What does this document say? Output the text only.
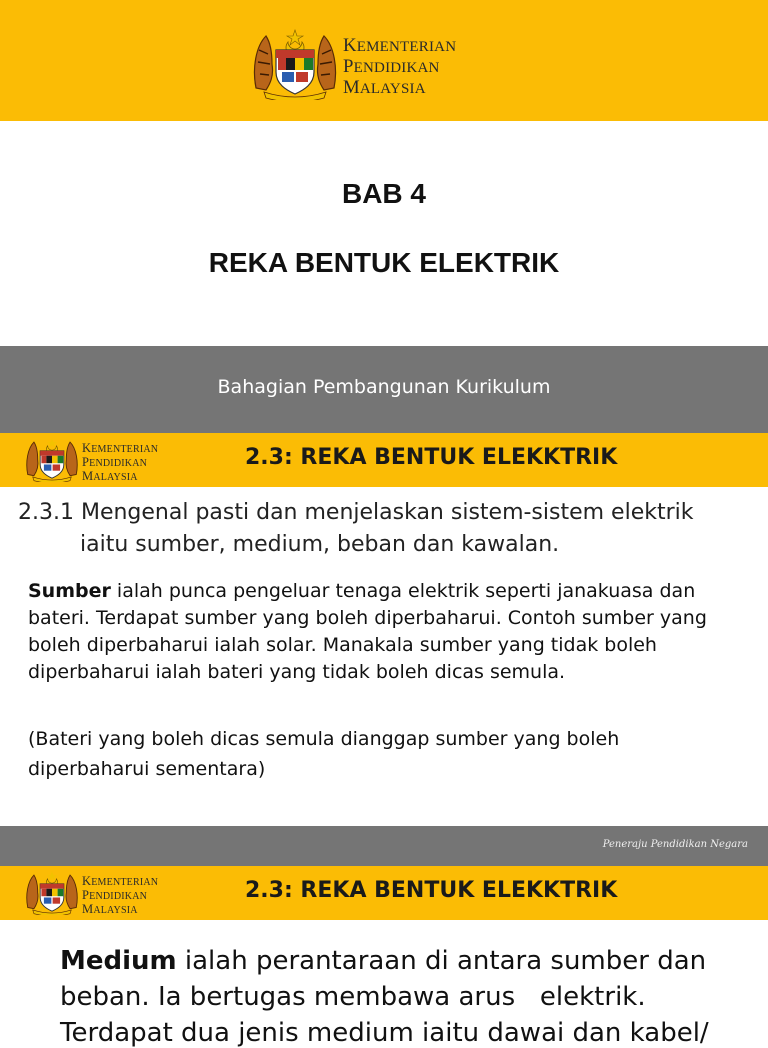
KEMENTERIAN
PENDIDIKAN
MALAYSIA
BAB 4
REKA BENTUK ELEKTRIK
Bahagian Pembangunan Kurikulum
KEMENTERIAN
PENDIDIKAN
MALAYSIA
2.3: REKA BENTUK ELEKKTRIK
2.3.1 Mengenal pasti dan menjelaskan sistem-sistem elektrik
iaitu sumber, medium, beban dan kawalan.
Sumber ialah punca pengeluar tenaga elektrik seperti janakuasa dan bateri. Terdapat sumber yang boleh diperbaharui. Contoh sumber yang boleh diperbaharui ialah solar. Manakala sumber yang tidak boleh diperbaharui ialah bateri yang tidak boleh dicas semula.
(Bateri yang boleh dicas semula dianggap sumber yang boleh diperbaharui sementara)
Peneraju Pendidikan Negara
KEMENTERIAN
PENDIDIKAN
MALAYSIA
2.3: REKA BENTUK ELEKKTRIK
Medium ialah perantaraan di antara sumber dan
beban. Ia bertugas membawa arus   elektrik.
Terdapat dua jenis medium iaitu dawai dan kabel/
